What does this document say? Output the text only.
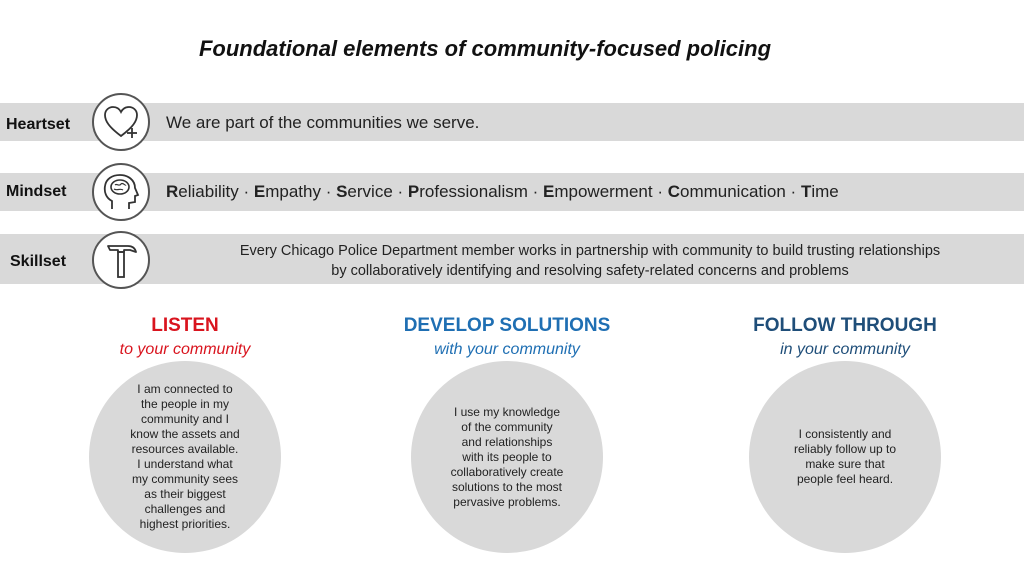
Foundational elements of community-focused policing
Heartset	We are part of the communities we serve.
Mindset	Reliability · Empathy · Service · Professionalism · Empowerment · Communication · Time
Skillset
Every Chicago Police Department member works in partnership with community to build trusting relationships
by collaboratively identifying and resolving safety-related concerns and problems
LISTEN
to your community
I am connected to
the people in my
community and I
know the assets and
resources available.
I understand what
my community sees
as their biggest
challenges and
highest priorities.
DEVELOP SOLUTIONS
with your community
I use my knowledge
of the community
and relationships
with its people to
collaboratively create
solutions to the most
pervasive problems.
FOLLOW THROUGH
in your community
I consistently and
reliably follow up to
make sure that
people feel heard.
